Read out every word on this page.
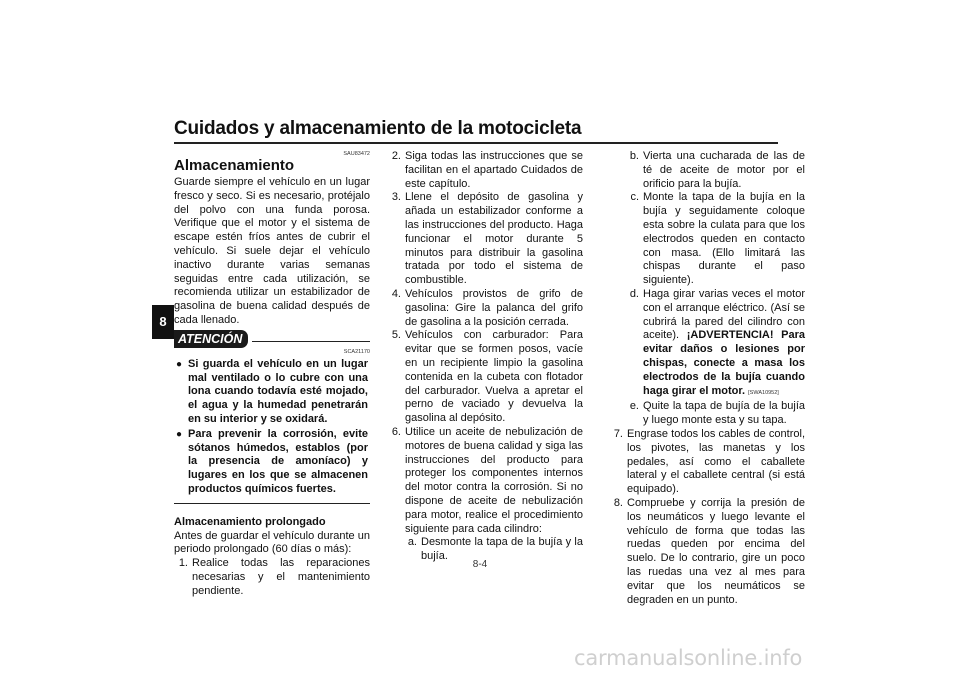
Cuidados y almacenamiento de la motocicleta
8
SAU83472
Almacenamiento

Guarde siempre el vehículo en un lugar fresco y seco. Si es necesario, protéjalo del polvo con una funda porosa. Verifique que el motor y el sistema de escape estén fríos antes de cubrir el vehículo. Si suele dejar el vehículo inactivo durante varias semanas seguidas entre cada utilización, se recomienda utilizar un estabilizador de gasolina de buena calidad después de cada llenado.

ATENCIÓN
SCA21170
● Si guarda el vehículo en un lugar mal ventilado o lo cubre con una lona cuando todavía esté mojado, el agua y la humedad penetrarán en su interior y se oxidará.
● Para prevenir la corrosión, evite sótanos húmedos, establos (por la presencia de amoníaco) y lugares en los que se almacenen productos químicos fuertes.
Almacenamiento prolongado

Antes de guardar el vehículo durante un periodo prolongado (60 días o más):

1. Realice todas las reparaciones necesarias y el mantenimiento pendiente.
2. Siga todas las instrucciones que se facilitan en el apartado Cuidados de este capítulo.
3. Llene el depósito de gasolina y añada un estabilizador conforme a las instrucciones del producto. Haga funcionar el motor durante 5 minutos para distribuir la gasolina tratada por todo el sistema de combustible.
4. Vehículos provistos de grifo de gasolina: Gire la palanca del grifo de gasolina a la posición cerrada.
5. Vehículos con carburador: Para evitar que se formen posos, vacíe en un recipiente limpio la gasolina contenida en la cubeta con flotador del carburador. Vuelva a apretar el perno de vaciado y devuelva la gasolina al depósito.
6. Utilice un aceite de nebulización de motores de buena calidad y siga las instrucciones del producto para proteger los componentes internos del motor contra la corrosión. Si no dispone de aceite de nebulización para motor, realice el procedimiento siguiente para cada cilindro:
a. Desmonte la tapa de la bujía y la bujía.
b. Vierta una cucharada de las de té de aceite de motor por el orificio para la bujía.
c. Monte la tapa de la bujía en la bujía y seguidamente coloque esta sobre la culata para que los electrodos queden en contacto con masa. (Ello limitará las chispas durante el paso siguiente).
d. Haga girar varias veces el motor con el arranque eléctrico. (Así se cubrirá la pared del cilindro con aceite). ¡ADVERTENCIA! Para evitar daños o lesiones por chispas, conecte a masa los electrodos de la bujía cuando haga girar el motor. [SWA10952]
e. Quite la tapa de bujía de la bujía y luego monte esta y su tapa.
7. Engrase todos los cables de control, los pivotes, las manetas y los pedales, así como el caballete lateral y el caballete central (si está equipado).
8. Compruebe y corrija la presión de los neumáticos y luego levante el vehículo de forma que todas las ruedas queden por encima del suelo. De lo contrario, gire un poco las ruedas una vez al mes para evitar que los neumáticos se degraden en un punto.
8-4
carmanualsonline.info
